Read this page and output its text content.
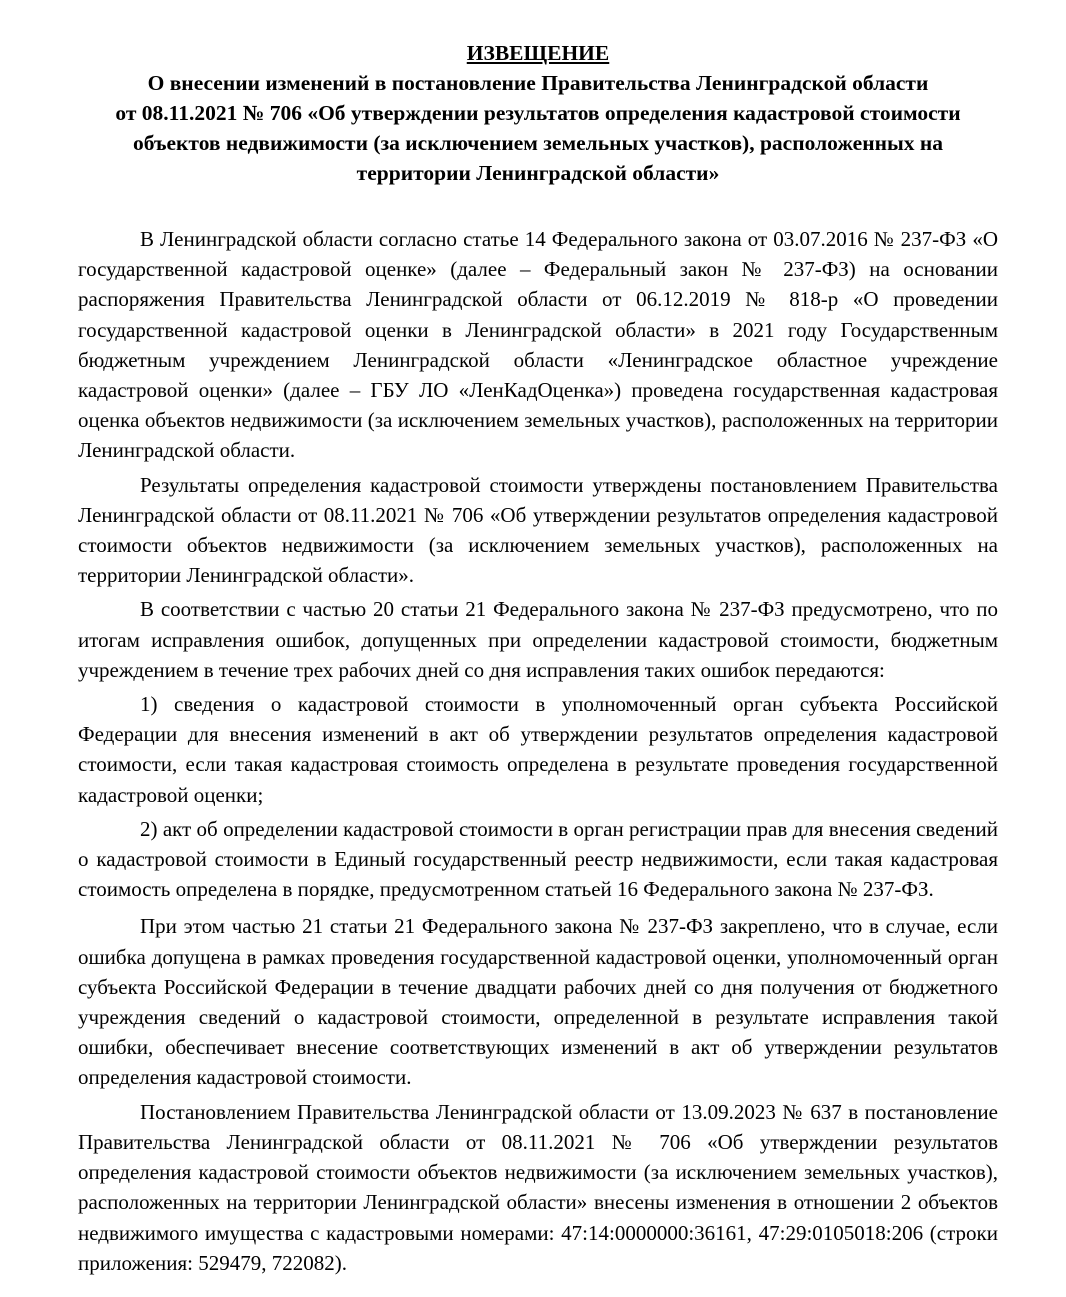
ИЗВЕЩЕНИЕ
О внесении изменений в постановление Правительства Ленинградской области
от 08.11.2021 № 706 «Об утверждении результатов определения кадастровой стоимости
объектов недвижимости (за исключением земельных участков), расположенных на
территории Ленинградской области»

В Ленинградской области согласно статье 14 Федерального закона от 03.07.2016 № 237-ФЗ «О государственной кадастровой оценке» (далее – Федеральный закон № 237-ФЗ) на основании распоряжения Правительства Ленинградской области от 06.12.2019 № 818-р «О проведении государственной кадастровой оценки в Ленинградской области» в 2021 году Государственным бюджетным учреждением Ленинградской области «Ленинградское областное учреждение кадастровой оценки» (далее – ГБУ ЛО «ЛенКадОценка») проведена государственная кадастровая оценка объектов недвижимости (за исключением земельных участков), расположенных на территории Ленинградской области.

Результаты определения кадастровой стоимости утверждены постановлением Правительства Ленинградской области от 08.11.2021 № 706 «Об утверждении результатов определения кадастровой стоимости объектов недвижимости (за исключением земельных участков), расположенных на территории Ленинградской области».

В соответствии с частью 20 статьи 21 Федерального закона № 237-ФЗ предусмотрено, что по итогам исправления ошибок, допущенных при определении кадастровой стоимости, бюджетным учреждением в течение трех рабочих дней со дня исправления таких ошибок передаются:

1) сведения о кадастровой стоимости в уполномоченный орган субъекта Российской Федерации для внесения изменений в акт об утверждении результатов определения кадастровой стоимости, если такая кадастровая стоимость определена в результате проведения государственной кадастровой оценки;

2) акт об определении кадастровой стоимости в орган регистрации прав для внесения сведений о кадастровой стоимости в Единый государственный реестр недвижимости, если такая кадастровая стоимость определена в порядке, предусмотренном статьей 16 Федерального закона № 237-ФЗ.

При этом частью 21 статьи 21 Федерального закона № 237-ФЗ закреплено, что в случае, если ошибка допущена в рамках проведения государственной кадастровой оценки, уполномоченный орган субъекта Российской Федерации в течение двадцати рабочих дней со дня получения от бюджетного учреждения сведений о кадастровой стоимости, определенной в результате исправления такой ошибки, обеспечивает внесение соответствующих изменений в акт об утверждении результатов определения кадастровой стоимости.

Постановлением Правительства Ленинградской области от 13.09.2023 № 637 в постановление Правительства Ленинградской области от 08.11.2021 № 706 «Об утверждении результатов определения кадастровой стоимости объектов недвижимости (за исключением земельных участков), расположенных на территории Ленинградской области» внесены изменения в отношении 2 объектов недвижимого имущества с кадастровыми номерами: 47:14:0000000:36161, 47:29:0105018:206 (строки приложения: 529479, 722082).
